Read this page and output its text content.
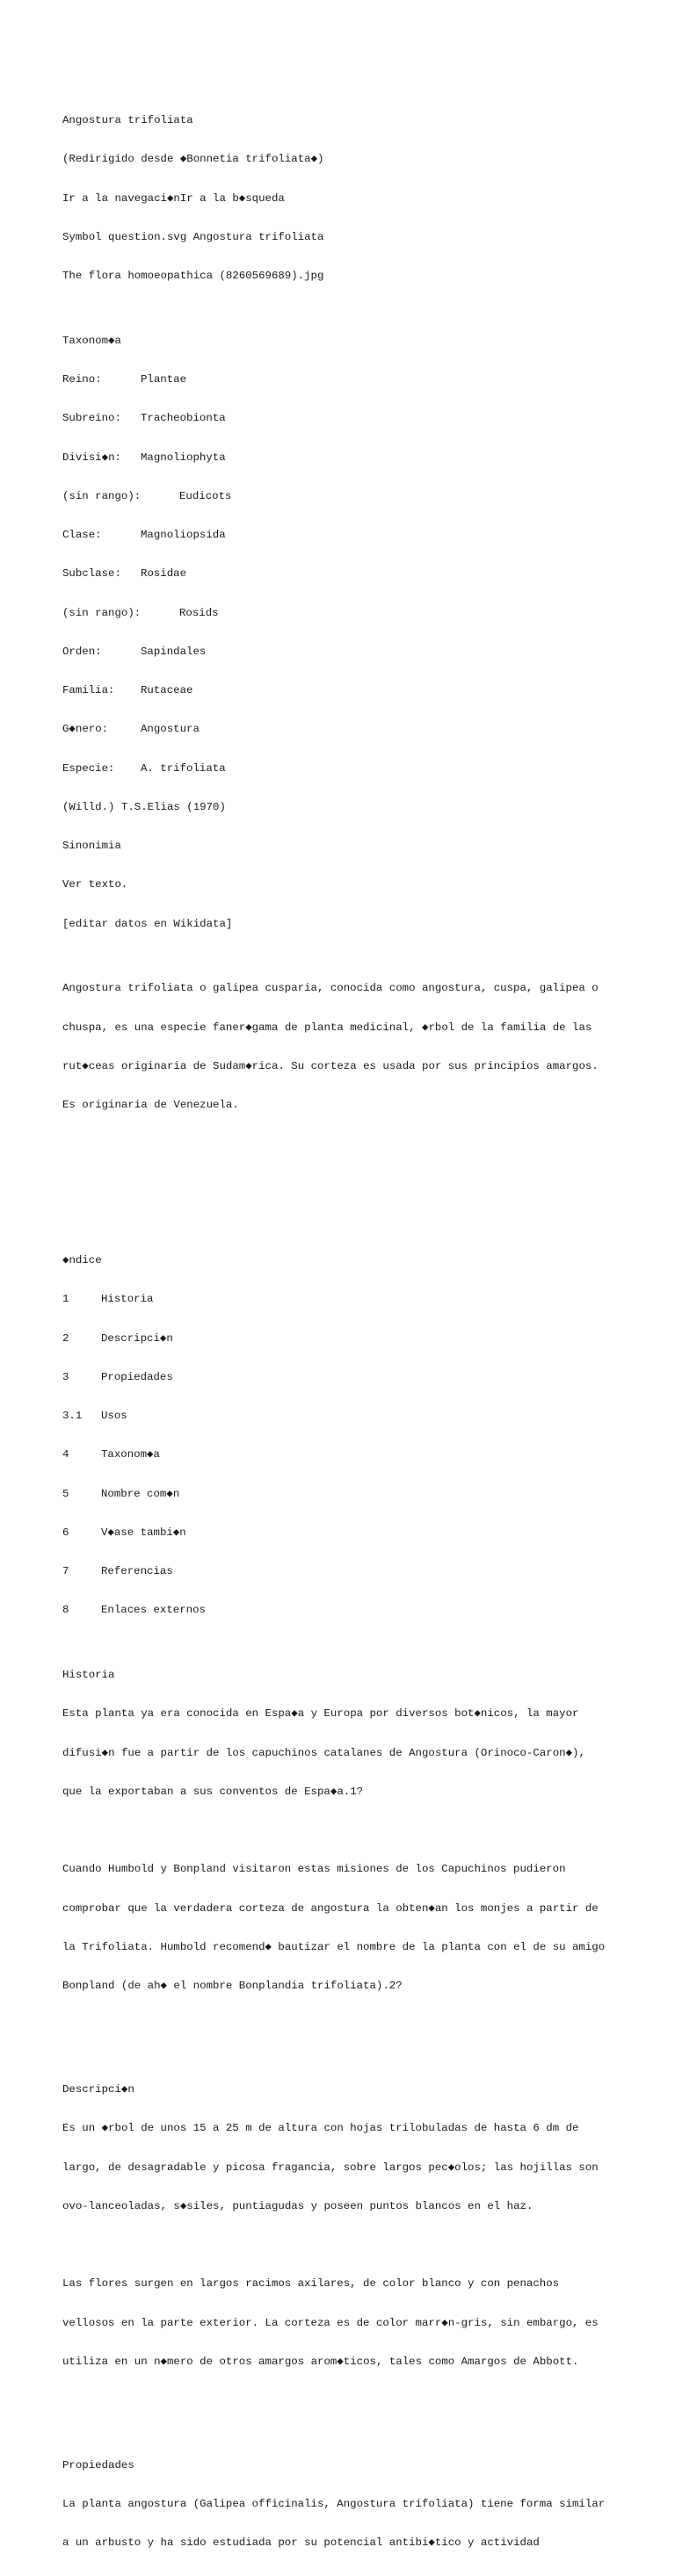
Angostura trifoliata

(Redirigido desde ◆Bonnetia trifoliata◆)

Ir a la navegaci◆nIr a la b◆squeda

Symbol question.svg Angostura trifoliata

The flora homoeopathica (8260569689).jpg

Taxonom◆a

Reino:	Plantae

Subreino: Tracheobionta

Divisi◆n: Magnoliophyta

(sin rango):	Eudicots

Clase:	Magnoliopsida

Subclase: Rosidae

(sin rango):	Rosids

Orden:	Sapindales

Familia: Rutaceae

G◆nero:	Angostura

Especie: A. trifoliata

(Willd.) T.S.Elias (1970)

Sinonimia

Ver texto.

[editar datos en Wikidata]

Angostura trifoliata o galipea cusparia, conocida como angostura, cuspa, galipea o

chuspa, es una especie faner◆gama de planta medicinal, ◆rbol de la familia de las

rut◆ceas originaria de Sudam◆rica. Su corteza es usada por sus principios amargos.

Es originaria de Venezuela.

◆ndice

1	Historia

2	Descripci◆n

3	Propiedades

3.1 Usos

4	Taxonom◆a

5	Nombre com◆n

6	V◆ase tambi◆n

7	Referencias

8	Enlaces externos

Historia

Esta planta ya era conocida en Espa◆a y Europa por diversos bot◆nicos, la mayor

difusi◆n fue a partir de los capuchinos catalanes de Angostura (Orinoco-Caron◆),

que la exportaban a sus conventos de Espa◆a.1?

Cuando Humbold y Bonpland visitaron estas misiones de los Capuchinos pudieron

comprobar que la verdadera corteza de angostura la obten◆an los monjes a partir de

la Trifoliata. Humbold recomend◆ bautizar el nombre de la planta con el de su amigo

Bonpland (de ah◆ el nombre Bonplandia trifoliata).2?

Descripci◆n

Es un ◆rbol de unos 15 a 25 m de altura con hojas trilobuladas de hasta 6 dm de

largo, de desagradable y picosa fragancia, sobre largos pec◆olos; las hojillas son

ovo-lanceoladas, s◆siles, puntiagudas y poseen puntos blancos en el haz.

Las flores surgen en largos racimos axilares, de color blanco y con penachos

vellosos en la parte exterior. La corteza es de color marr◆n-gris, sin embargo, es

utiliza en un n◆mero de otros amargos arom◆ticos, tales como Amargos de Abbott.

Propiedades

La planta angostura (Galipea officinalis, Angostura trifoliata) tiene forma similar

a un arbusto y ha sido estudiada por su potencial antibi◆tico y actividad
